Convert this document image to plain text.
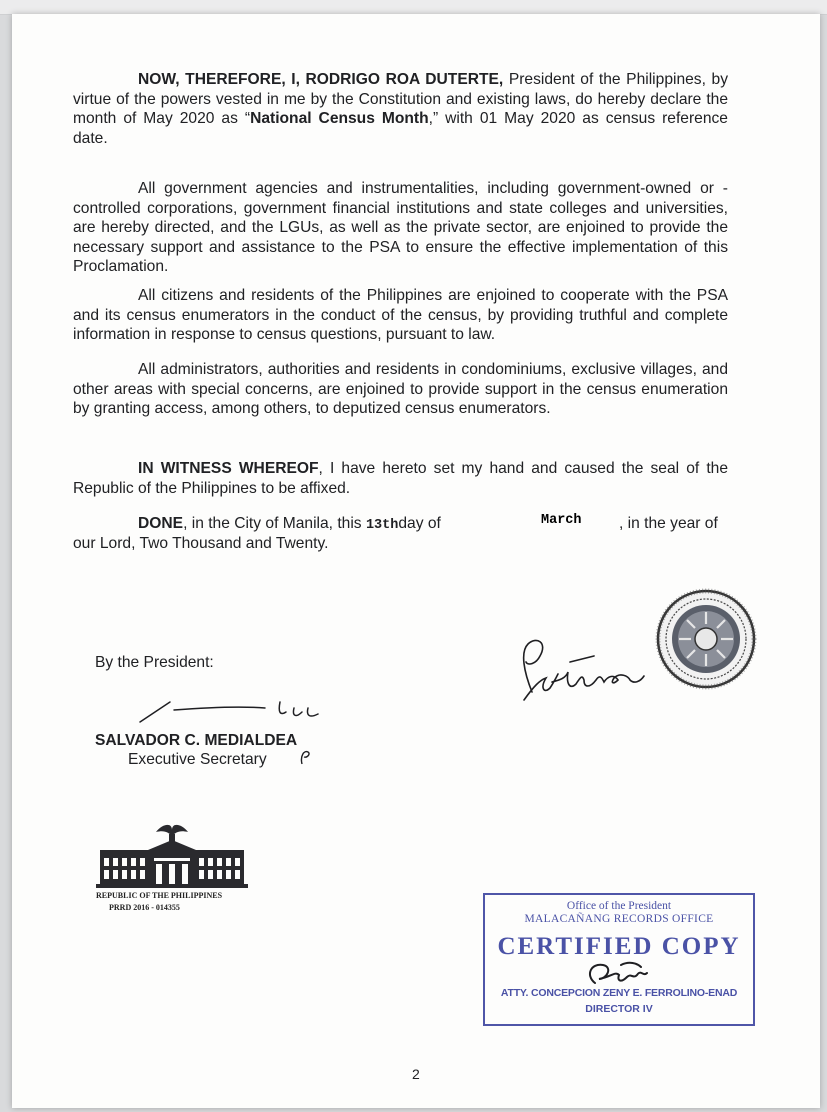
NOW, THEREFORE, I, RODRIGO ROA DUTERTE, President of the Philippines, by virtue of the powers vested in me by the Constitution and existing laws, do hereby declare the month of May 2020 as “National Census Month,” with 01 May 2020 as census reference date.

All government agencies and instrumentalities, including government-owned or -controlled corporations, government financial institutions and state colleges and universities, are hereby directed, and the LGUs, as well as the private sector, are enjoined to provide the necessary support and assistance to the PSA to ensure the effective implementation of this Proclamation.

All citizens and residents of the Philippines are enjoined to cooperate with the PSA and its census enumerators in the conduct of the census, by providing truthful and complete information in response to census questions, pursuant to law.

All administrators, authorities and residents in condominiums, exclusive villages, and other areas with special concerns, are enjoined to provide support in the census enumeration by granting access, among others, to deputized census enumerators.

IN WITNESS WHEREOF, I have hereto set my hand and caused the seal of the Republic of the Philippines to be affixed.

DONE, in the City of Manila, this 13thday of	March , in the year of

our Lord, Two Thousand and Twenty.

By the President:

SALVADOR C. MEDIALDEA

Executive Secretary

REPUBLIC OF THE PHILIPPINES
PRRD 2016 - 014355	Office of the President
MALACAÑANG RECORDS OFFICE
CERTIFIED COPY
ATTY. CONCEPCION ZENY E. FERROLINO-ENAD
DIRECTOR IV

2
